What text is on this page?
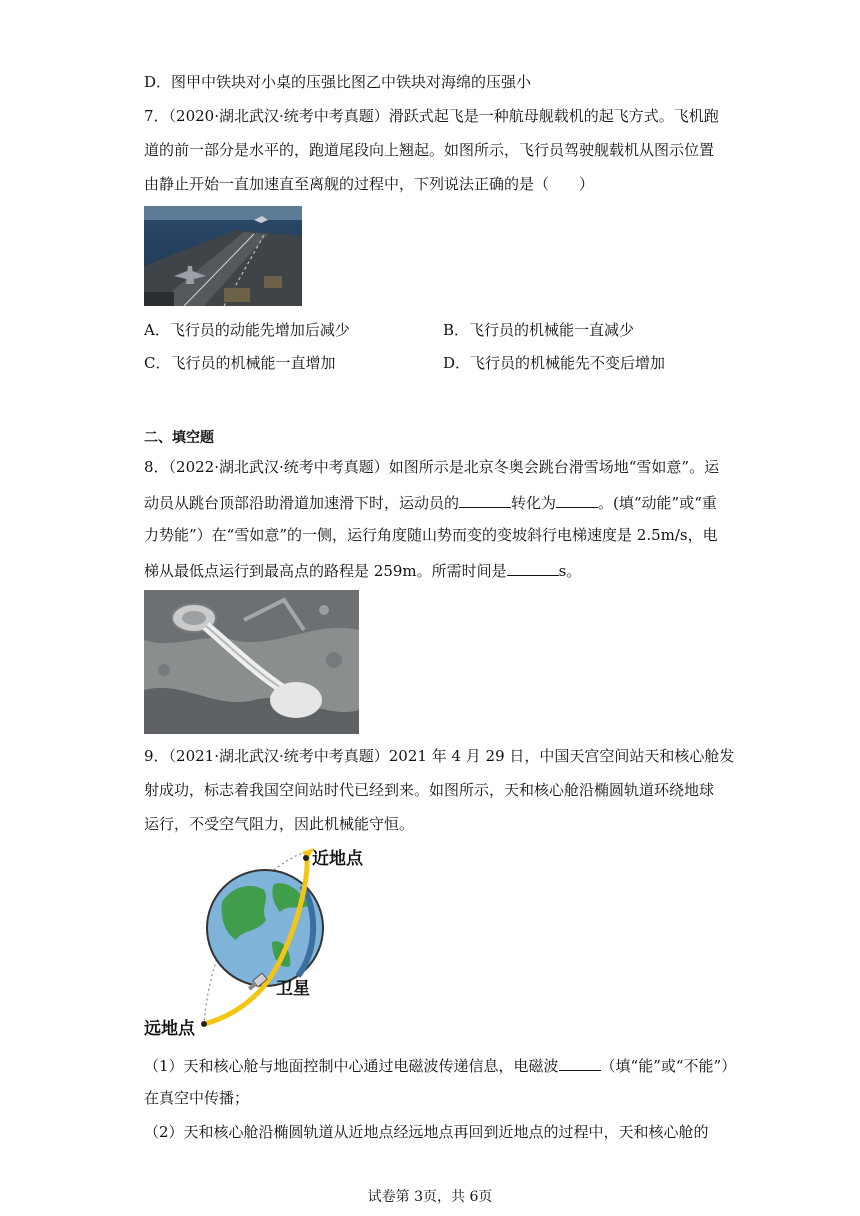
D．图甲中铁块对小桌的压强比图乙中铁块对海绵的压强小
7．（2020·湖北武汉·统考中考真题）滑跃式起飞是一种航母舰载机的起飞方式。飞机跑
道的前一部分是水平的，跑道尾段向上翘起。如图所示，飞行员驾驶舰载机从图示位置
由静止开始一直加速直至离舰的过程中，下列说法正确的是（　　）
A．飞行员的动能先增加后减少	B．飞行员的机械能一直减少
C．飞行员的机械能一直增加	D．飞行员的机械能先不变后增加
二、填空题
8．（2022·湖北武汉·统考中考真题）如图所示是北京冬奥会跳台滑雪场地“雪如意”。运
动员从跳台顶部沿助滑道加速滑下时，运动员的	转化为	。(填“动能”或“重
力势能”）在“雪如意”的一侧，运行角度随山势而变的变坡斜行电梯速度是 2.5m/s，电
梯从最低点运行到最高点的路程是 259m。所需时间是	s。
9．（2021·湖北武汉·统考中考真题）2021 年 4 月 29 日，中国天宫空间站天和核心舱发
射成功，标志着我国空间站时代已经到来。如图所示，天和核心舱沿椭圆轨道环绕地球
运行，不受空气阻力，因此机械能守恒。
近地点
卫星
远地点
（1）天和核心舱与地面控制中心通过电磁波传递信息，电磁波	（填“能”或“不能”）
在真空中传播；
（2）天和核心舱沿椭圆轨道从近地点经远地点再回到近地点的过程中，天和核心舱的
试卷第 3页，共 6页
